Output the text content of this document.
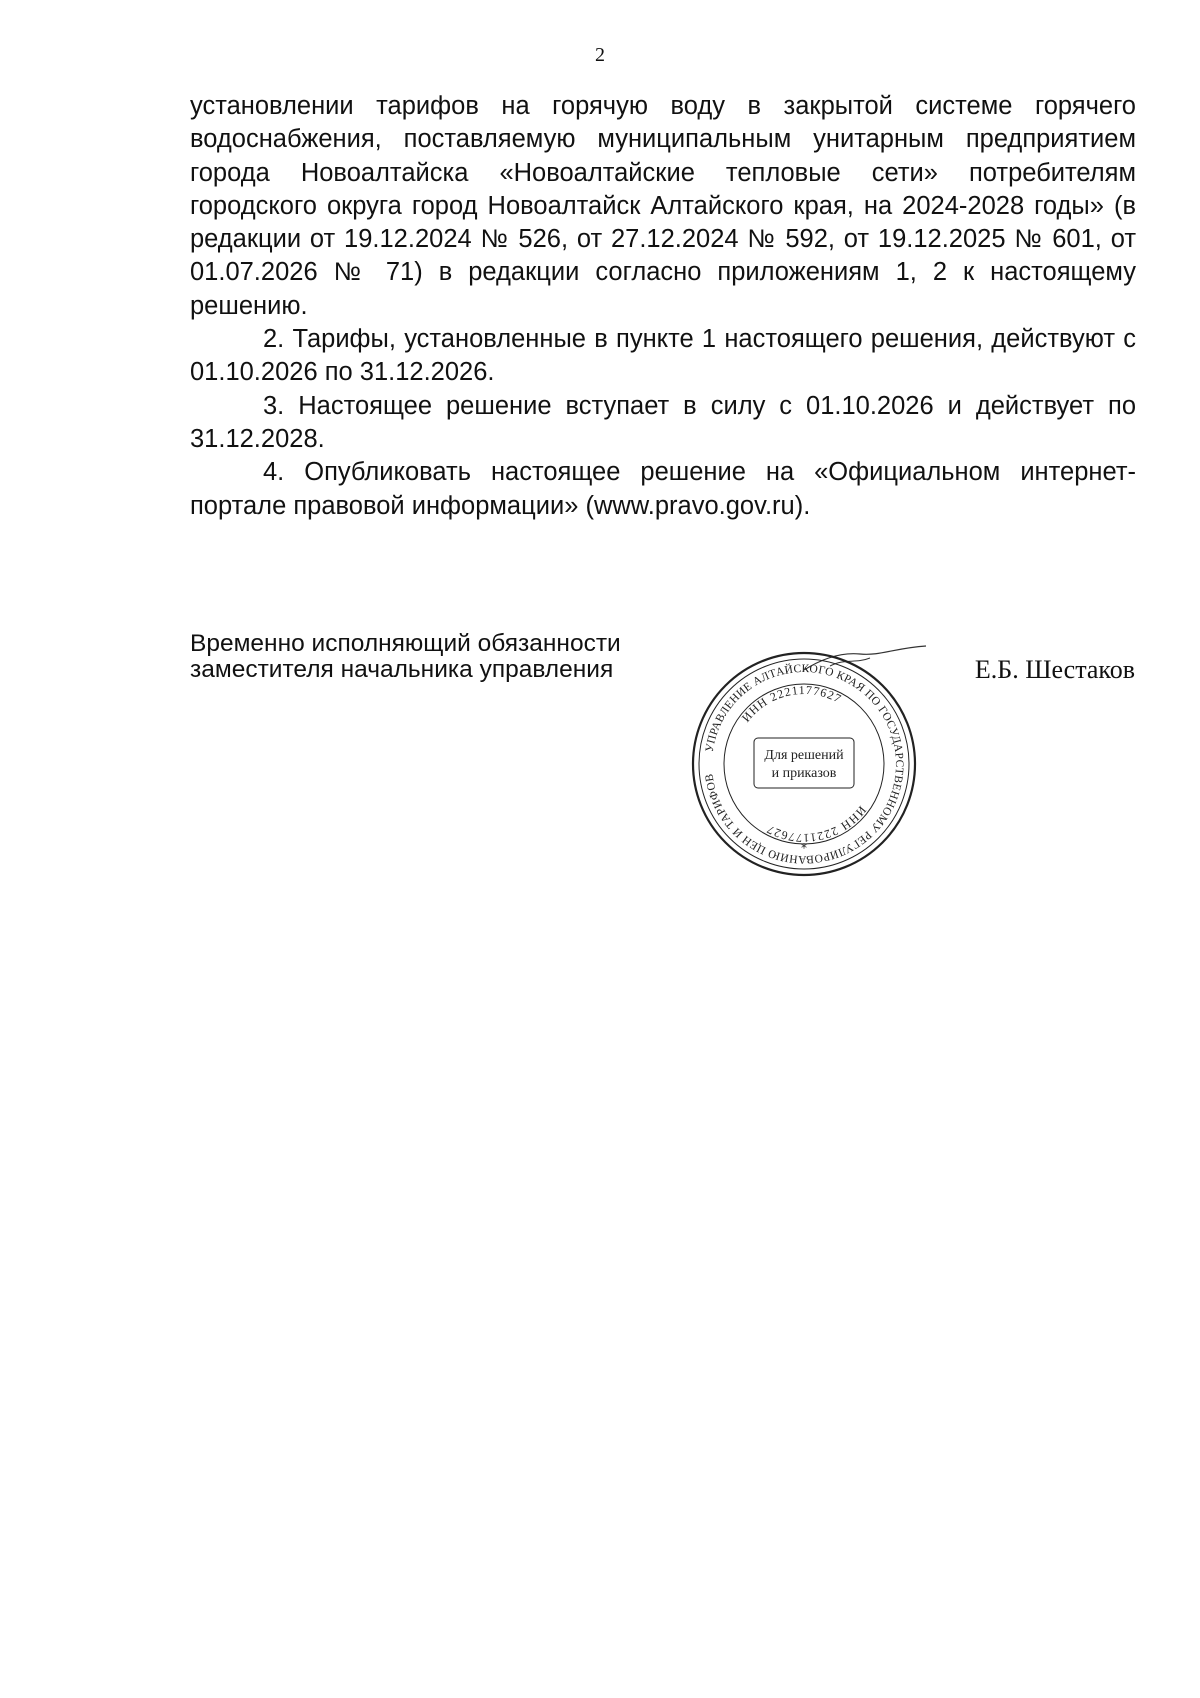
2

установлении тарифов на горячую воду в закрытой системе горячего водоснабжения, поставляемую муниципальным унитарным предприятием города Новоалтайска «Новоалтайские тепловые сети» потребителям городского округа город Новоалтайск Алтайского края, на 2024-2028 годы» (в редакции от 19.12.2024 № 526, от 27.12.2024 № 592, от 19.12.2025 № 601, от 01.07.2026 № 71) в редакции согласно приложениям 1, 2 к настоящему решению.

2. Тарифы, установленные в пункте 1 настоящего решения, действуют с 01.10.2026 по 31.12.2026.

3. Настоящее решение вступает в силу с 01.10.2026 и действует по 31.12.2028.

4. Опубликовать настоящее решение на «Официальном интернет-портале правовой информации» (www.pravo.gov.ru).

Временно исполняющий обязанности
заместителя начальника управления
УПРАВЛЕНИЕ АЛТАЙСКОГО КРАЯ ПО ГОСУДАРСТВЕННОМУ РЕГУЛИРОВАНИЮ ЦЕН И ТАРИФОВ
ИНН 2221177627
ИНН 2221177627
Для решений
и приказов
*
Е.Б. Шестаков
